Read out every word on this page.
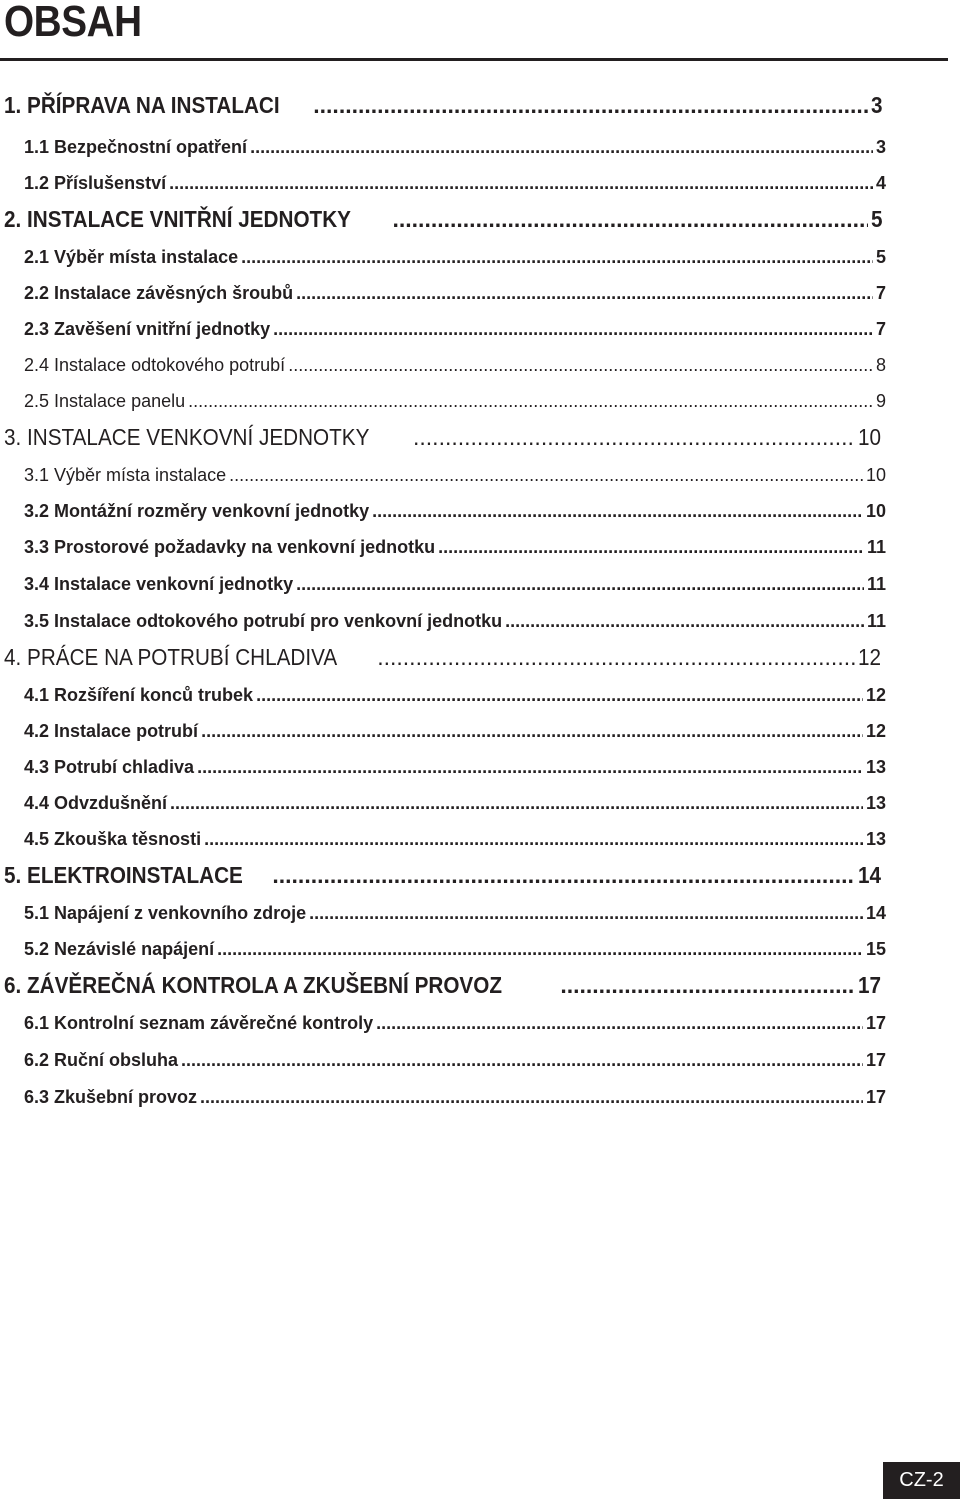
OBSAH
1. PŘÍPRAVA NA INSTALACI .....	3
1.1 Bezpečnostní opatření .....	3
1.2 Příslušenství .....	4
2. INSTALACE VNITŘNÍ JEDNOTKY .....	5
2.1 Výběr místa instalace .....	5
2.2 Instalace závěsných šroubů .....	7
2.3 Zavěšení vnitřní jednotky .....	7
2.4 Instalace odtokového potrubí .....	8
2.5 Instalace panelu .....	9
3. INSTALACE VENKOVNÍ JEDNOTKY .....	10
3.1 Výběr místa instalace .....	10
3.2 Montážní rozměry venkovní jednotky .....	10
3.3 Prostorové požadavky na venkovní jednotku .....	11
3.4 Instalace venkovní jednotky .....	11
3.5 Instalace odtokového potrubí pro venkovní jednotku .....	11
4. PRÁCE NA POTRUBÍ CHLADIVA .....	12
4.1 Rozšíření konců trubek .....	12
4.2 Instalace potrubí .....	12
4.3 Potrubí chladiva .....	13
4.4 Odvzdušnění .....	13
4.5 Zkouška těsnosti .....	13
5. ELEKTROINSTALACE .....	14
5.1 Napájení z venkovního zdroje .....	14
5.2 Nezávislé napájení .....	15
6. ZÁVĚREČNÁ KONTROLA A ZKUŠEBNÍ PROVOZ .....	17
6.1 Kontrolní seznam závěrečné kontroly .....	17
6.2 Ruční obsluha .....	17
6.3 Zkušební provoz .....	17
CZ-2
